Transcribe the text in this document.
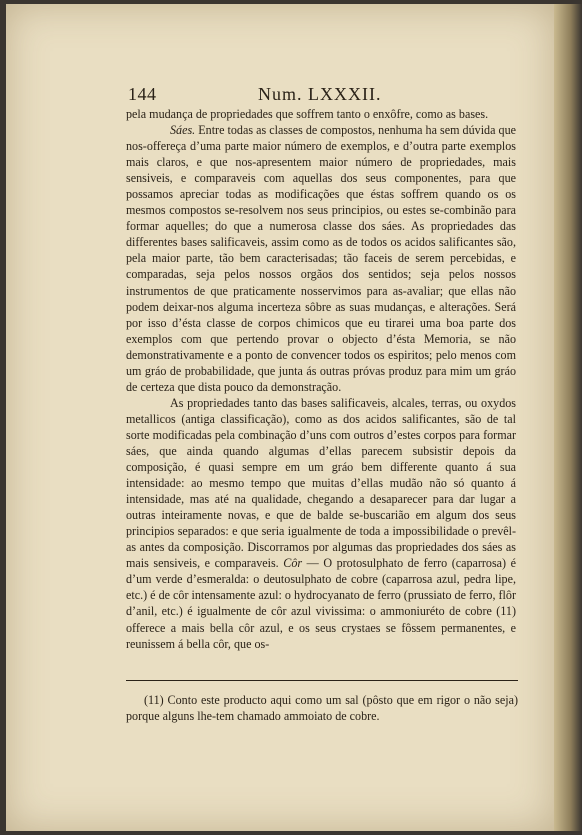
144	Num. LXXXII.

pela mudança de propriedades que soffrem tanto o enxôfre, como as bases.

Sáes. Entre todas as classes de compostos, nenhuma ha sem dúvida que nos-offereça d’uma parte maior número de exemplos, e d’outra parte exemplos mais claros, e que nos-apresentem maior número de propriedades, mais sensiveis, e comparaveis com aquellas dos seus componentes, para que possamos apreciar todas as modificações que éstas soffrem quando os os mesmos compostos se-resolvem nos seus principios, ou estes se-combinão para formar aquelles; do que a numerosa classe dos sáes. As propriedades das differentes bases salificaveis, assim como as de todos os acidos salificantes são, pela maior parte, tão bem caracterisadas; tão faceis de serem percebidas, e comparadas, seja pelos nossos orgãos dos sentidos; seja pelos nossos instrumentos de que praticamente nosservimos para as-avaliar; que ellas não podem deixar-nos alguma incerteza sôbre as suas mudanças, e alterações. Será por isso d’ésta classe de corpos chimicos que eu tirarei uma boa parte dos exemplos com que pertendo provar o objecto d’ésta Memoria, se não demonstrativamente e a ponto de convencer todos os espiritos; pelo menos com um gráo de probabilidade, que junta ás outras próvas produz para mim um gráo de certeza que dista pouco da demonstração.

As propriedades tanto das bases salificaveis, alcales, terras, ou oxydos metallicos (antiga classificação), como as dos acidos salificantes, são de tal sorte modificadas pela combinação d’uns com outros d’estes corpos para formar sáes, que ainda quando algumas d’ellas parecem subsistir depois da composição, é quasi sempre em um gráo bem differente quanto á sua intensidade: ao mesmo tempo que muitas d’ellas mudão não só quanto á intensidade, mas até na qualidade, chegando a desaparecer para dar lugar a outras inteiramente novas, e que de balde se-buscarião em algum dos seus principios separados: e que seria igualmente de toda a impossibilidade o prevêl-as antes da composição. Discorramos por algumas das propriedades dos sáes as mais sensiveis, e comparaveis. Côr — O protosulphato de ferro (caparrosa) é d’um verde d’esmeralda: o deutosulphato de cobre (caparrosa azul, pedra lipe, etc.) é de côr intensamente azul: o hydrocyanato de ferro (prussiato de ferro, flôr d’anil, etc.) é igualmente de côr azul vivissima: o ammoniuréto de cobre (11) offerece a mais bella côr azul, e os seus crystaes se fôssem permanentes, e reunissem á bella côr, que os-

(11) Conto este producto aqui como um sal (pôsto que em rigor o não seja) porque alguns lhe-tem chamado ammoiato de cobre.
